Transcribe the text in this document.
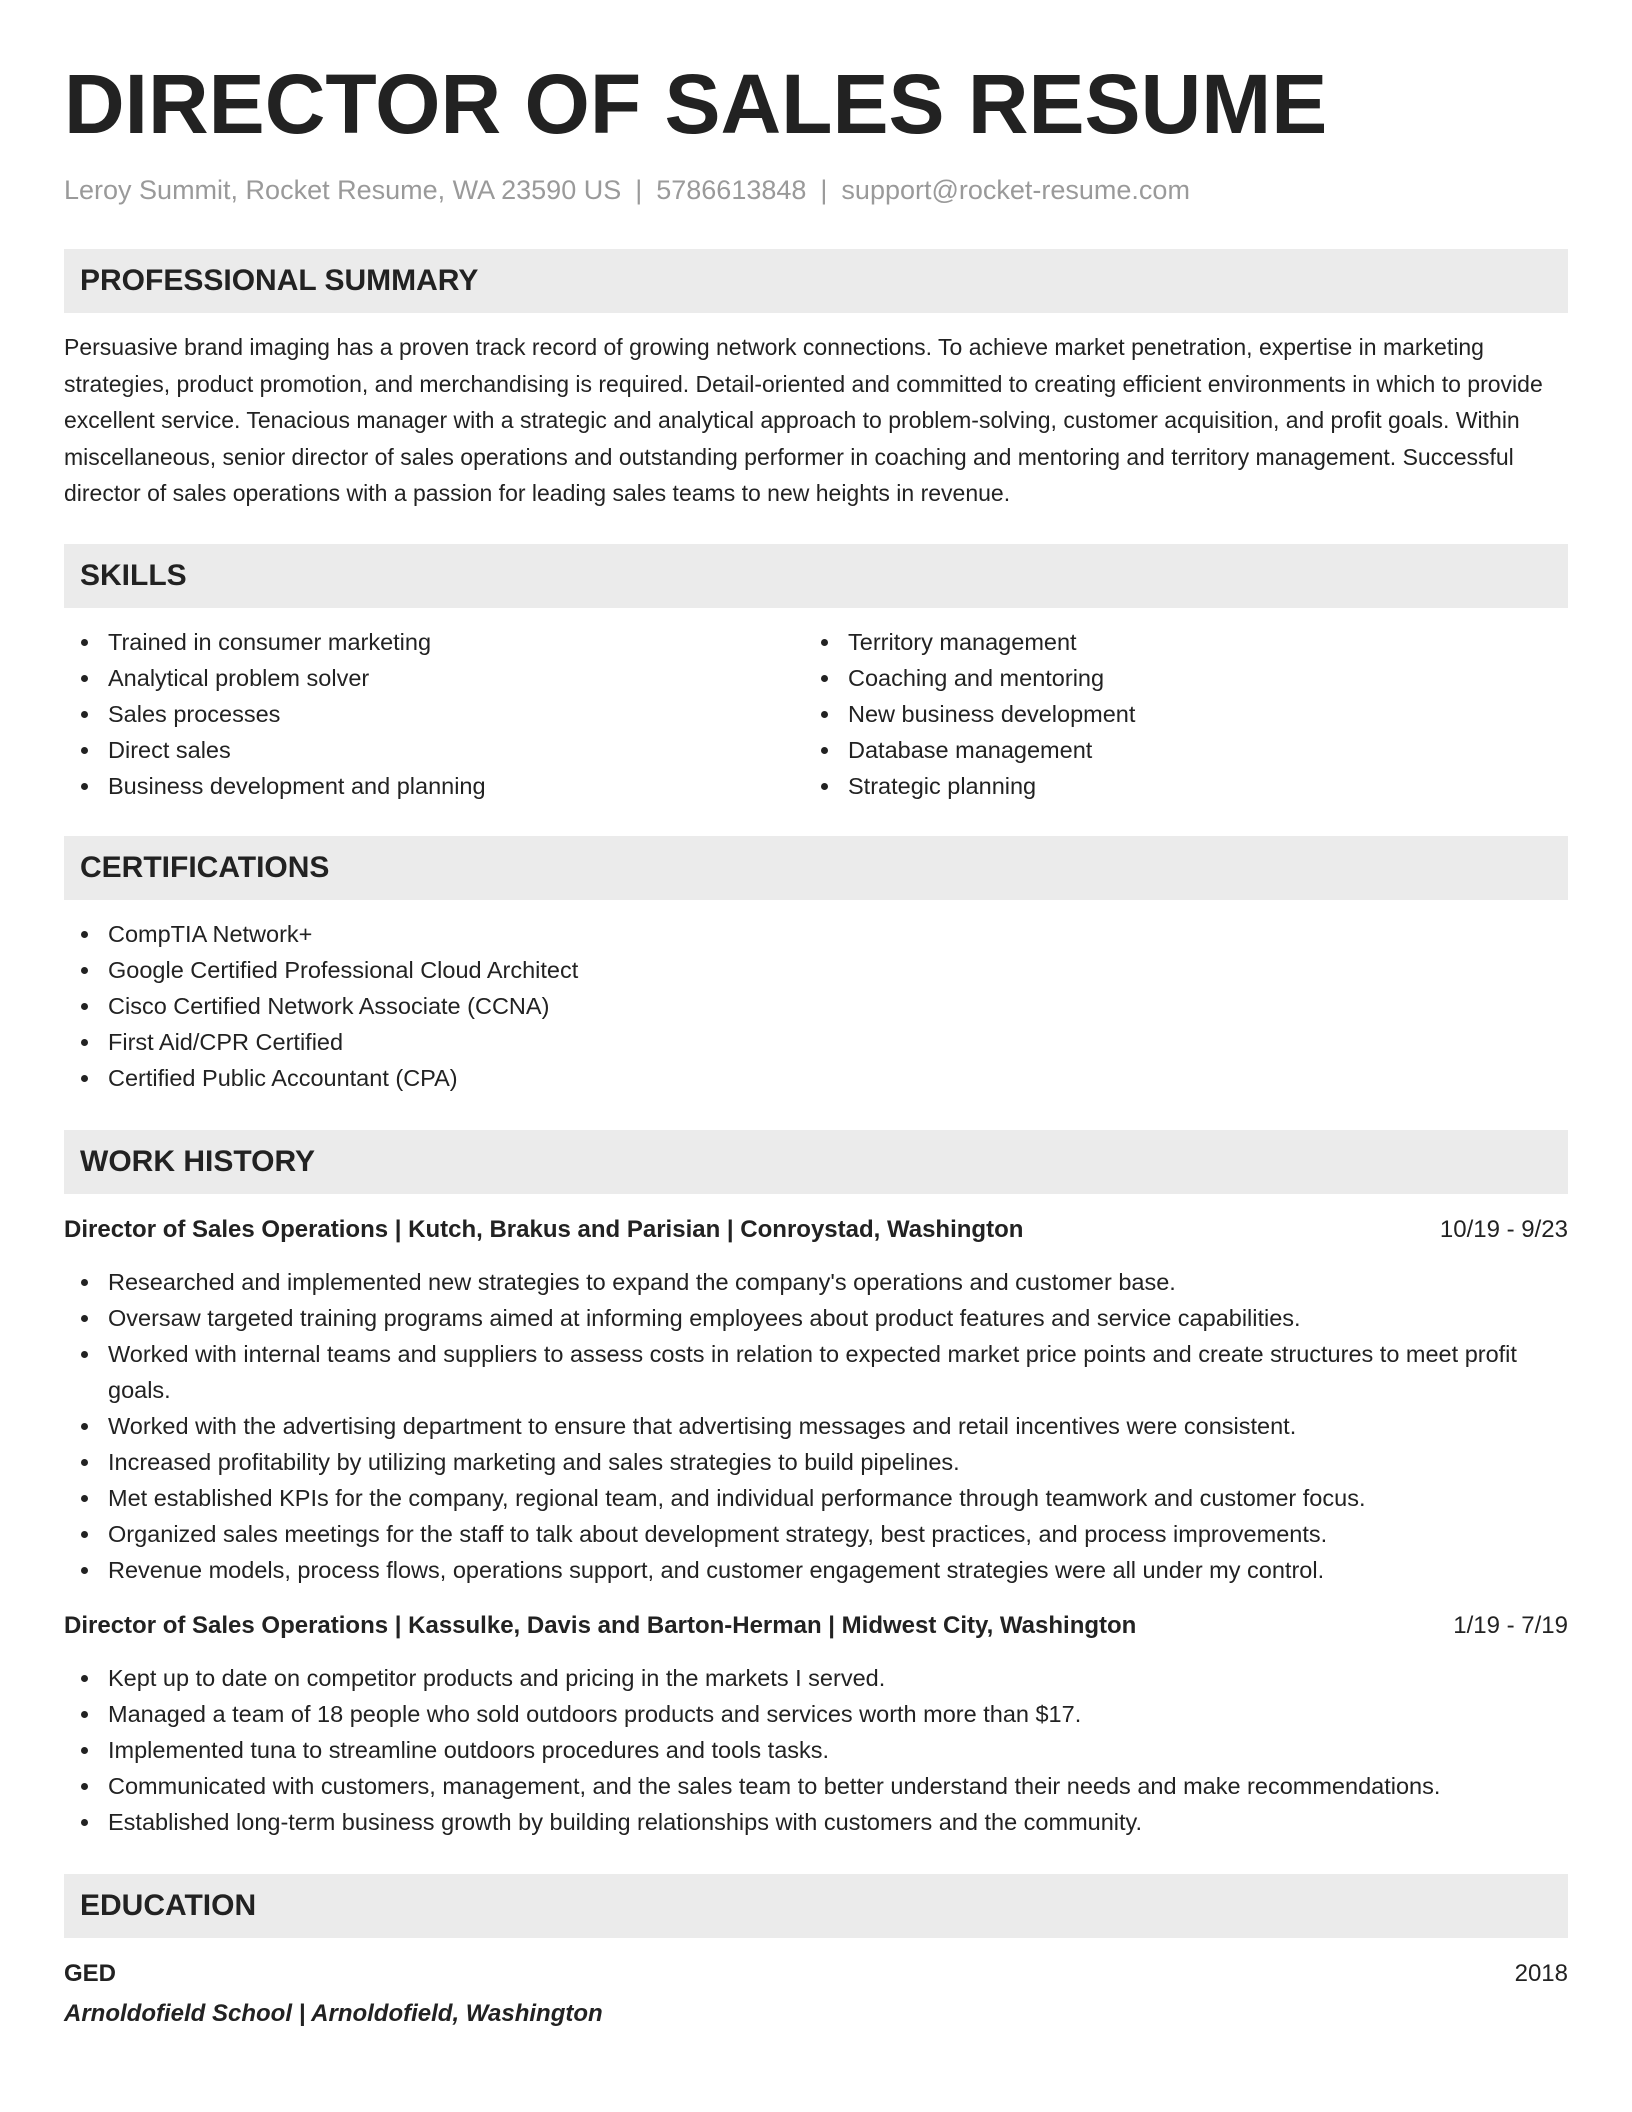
DIRECTOR OF SALES RESUME
Leroy Summit, Rocket Resume, WA 23590 US | 5786613848 | support@rocket-resume.com
PROFESSIONAL SUMMARY

Persuasive brand imaging has a proven track record of growing network connections. To achieve market penetration, expertise in marketing strategies, product promotion, and merchandising is required. Detail-oriented and committed to creating efficient environments in which to provide excellent service. Tenacious manager with a strategic and analytical approach to problem-solving, customer acquisition, and profit goals. Within miscellaneous, senior director of sales operations and outstanding performer in coaching and mentoring and territory management. Successful director of sales operations with a passion for leading sales teams to new heights in revenue.

SKILLS
Trained in consumer marketing
Analytical problem solver
Sales processes
Direct sales
Business development and planning
Territory management
Coaching and mentoring
New business development
Database management
Strategic planning
CERTIFICATIONS
CompTIA Network+
Google Certified Professional Cloud Architect
Cisco Certified Network Associate (CCNA)
First Aid/CPR Certified
Certified Public Accountant (CPA)
WORK HISTORY
Director of Sales Operations | Kutch, Brakus and Parisian | Conroystad, Washington	10/19 - 9/23
Researched and implemented new strategies to expand the company's operations and customer base.
Oversaw targeted training programs aimed at informing employees about product features and service capabilities.
Worked with internal teams and suppliers to assess costs in relation to expected market price points and create structures to meet profit goals.
Worked with the advertising department to ensure that advertising messages and retail incentives were consistent.
Increased profitability by utilizing marketing and sales strategies to build pipelines.
Met established KPIs for the company, regional team, and individual performance through teamwork and customer focus.
Organized sales meetings for the staff to talk about development strategy, best practices, and process improvements.
Revenue models, process flows, operations support, and customer engagement strategies were all under my control.
Director of Sales Operations | Kassulke, Davis and Barton-Herman | Midwest City, Washington	1/19 - 7/19
Kept up to date on competitor products and pricing in the markets I served.
Managed a team of 18 people who sold outdoors products and services worth more than $17.
Implemented tuna to streamline outdoors procedures and tools tasks.
Communicated with customers, management, and the sales team to better understand their needs and make recommendations.
Established long-term business growth by building relationships with customers and the community.
EDUCATION
GED	2018
Arnoldofield School | Arnoldofield, Washington
